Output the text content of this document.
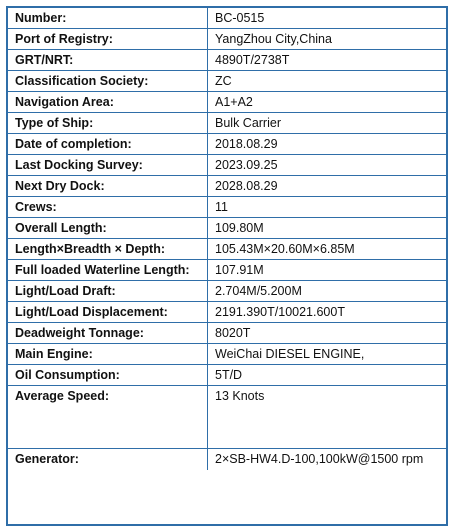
Number:	BC-0515
Port of Registry:	YangZhou City,China
GRT/NRT:	4890T/2738T
Classification Society:	ZC
Navigation Area:	A1+A2
Type of Ship:	Bulk Carrier
Date of completion:	2018.08.29
Last Docking Survey:	2023.09.25
Next Dry Dock:	2028.08.29
Crews:	11
Overall Length:	109.80M
Length×Breadth × Depth:	105.43M×20.60M×6.85M
Full loaded Waterline Length:	107.91M
Light/Load Draft:	2.704M/5.200M
Light/Load Displacement:	2191.390T/10021.600T
Deadweight Tonnage:	8020T
Main Engine:	WeiChai DIESEL ENGINE,
Oil Consumption:	5T/D
Average Speed:	13 Knots
Generator:	2×SB-HW4.D-100,100kW@1500 rpm
